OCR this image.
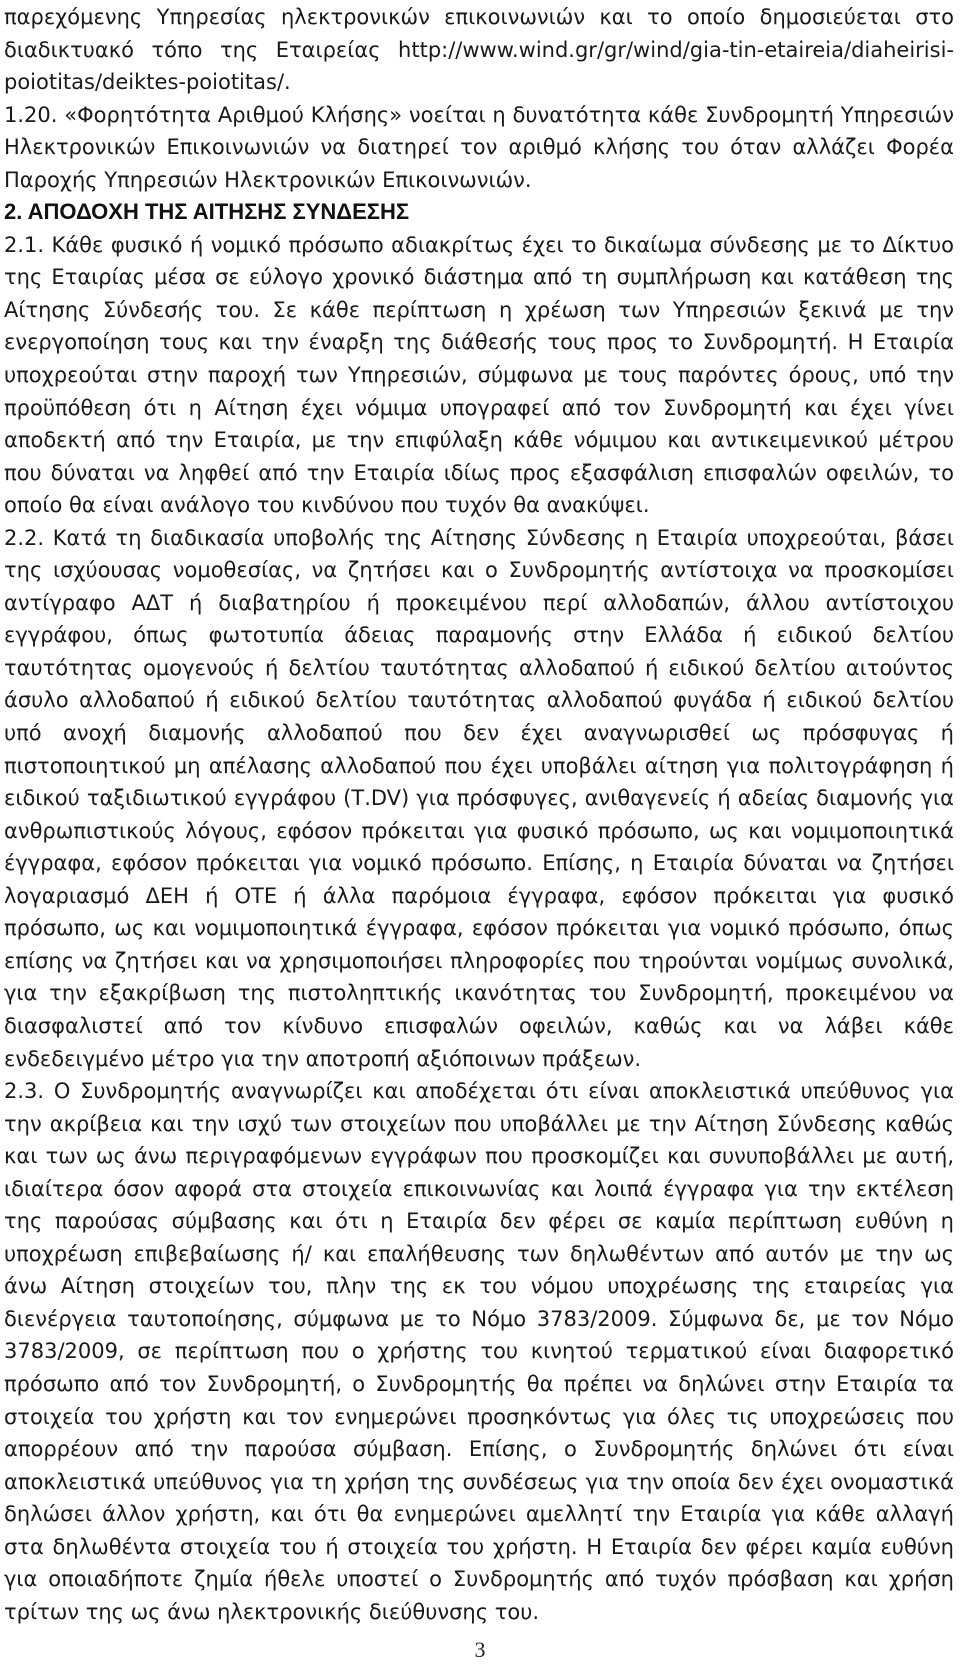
παρεχόμενης Υπηρεσίας ηλεκτρονικών επικοινωνιών και το οποίο δημοσιεύεται στο διαδικτυακό τόπο της Εταιρείας http://www.wind.gr/gr/wind/gia-tin-etaireia/diaheirisi-poiotitas/deiktes-poiotitas/.

1.20. «Φορητότητα Αριθμού Κλήσης» νοείται η δυνατότητα κάθε Συνδρομητή Υπηρεσιών Ηλεκτρονικών Επικοινωνιών να διατηρεί τον αριθμό κλήσης του όταν αλλάζει Φορέα Παροχής Υπηρεσιών Ηλεκτρονικών Επικοινωνιών.

2. ΑΠΟΔΟΧΗ ΤΗΣ ΑΙΤΗΣΗΣ ΣΥΝΔΕΣΗΣ

2.1. Κάθε φυσικό ή νομικό πρόσωπο αδιακρίτως έχει το δικαίωμα σύνδεσης με το Δίκτυο της Εταιρίας μέσα σε εύλογο χρονικό διάστημα από τη συμπλήρωση και κατάθεση της Αίτησης Σύνδεσής του. Σε κάθε περίπτωση η χρέωση των Υπηρεσιών ξεκινά με την ενεργοποίηση τους και την έναρξη της διάθεσής τους προς το Συνδρομητή. Η Εταιρία υποχρεούται στην παροχή των Υπηρεσιών, σύμφωνα με τους παρόντες όρους, υπό την προϋπόθεση ότι η Αίτηση έχει νόμιμα υπογραφεί από τον Συνδρομητή και έχει γίνει αποδεκτή από την Εταιρία, με την επιφύλαξη κάθε νόμιμου και αντικειμενικού μέτρου που δύναται να ληφθεί από την Εταιρία ιδίως προς εξασφάλιση επισφαλών οφειλών, το οποίο θα είναι ανάλογο του κινδύνου που τυχόν θα ανακύψει.

2.2. Κατά τη διαδικασία υποβολής της Αίτησης Σύνδεσης η Εταιρία υποχρεούται, βάσει της ισχύουσας νομοθεσίας, να ζητήσει και ο Συνδρομητής αντίστοιχα να προσκομίσει αντίγραφο ΑΔΤ ή διαβατηρίου ή προκειμένου περί αλλοδαπών, άλλου αντίστοιχου εγγράφου, όπως φωτοτυπία άδειας παραμονής στην Ελλάδα ή ειδικού δελτίου ταυτότητας ομογενούς ή δελτίου ταυτότητας αλλοδαπού ή ειδικού δελτίου αιτούντος άσυλο αλλοδαπού ή ειδικού δελτίου ταυτότητας αλλοδαπού φυγάδα ή ειδικού δελτίου υπό ανοχή διαμονής αλλοδαπού που δεν έχει αναγνωρισθεί ως πρόσφυγας ή πιστοποιητικού μη απέλασης αλλοδαπού που έχει υποβάλει αίτηση για πολιτογράφηση ή ειδικού ταξιδιωτικού εγγράφου (Τ.DV) για πρόσφυγες, ανιθαγενείς ή αδείας διαμονής για ανθρωπιστικούς λόγους, εφόσον πρόκειται για φυσικό πρόσωπο, ως και νομιμοποιητικά έγγραφα, εφόσον πρόκειται για νομικό πρόσωπο. Επίσης, η Εταιρία δύναται να ζητήσει λογαριασμό ΔΕΗ ή ΟΤΕ ή άλλα παρόμοια έγγραφα, εφόσον πρόκειται για φυσικό πρόσωπο, ως και νομιμοποιητικά έγγραφα, εφόσον πρόκειται για νομικό πρόσωπο, όπως επίσης να ζητήσει και να χρησιμοποιήσει πληροφορίες που τηρούνται νομίμως συνολικά, για την εξακρίβωση της πιστοληπτικής ικανότητας του Συνδρομητή, προκειμένου να διασφαλιστεί από τον κίνδυνο επισφαλών οφειλών, καθώς και να λάβει κάθε ενδεδειγμένο μέτρο για την αποτροπή αξιόποινων πράξεων.

2.3. Ο Συνδρομητής αναγνωρίζει και αποδέχεται ότι είναι αποκλειστικά υπεύθυνος για την ακρίβεια και την ισχύ των στοιχείων που υποβάλλει με την Αίτηση Σύνδεσης καθώς και των ως άνω περιγραφόμενων εγγράφων που προσκομίζει και συνυποβάλλει με αυτή, ιδιαίτερα όσον αφορά στα στοιχεία επικοινωνίας και λοιπά έγγραφα για την εκτέλεση της παρούσας σύμβασης και ότι η Εταιρία δεν φέρει σε καμία περίπτωση ευθύνη η υποχρέωση επιβεβαίωσης ή/ και επαλήθευσης των δηλωθέντων από αυτόν με την ως άνω Αίτηση στοιχείων του, πλην της εκ του νόμου υποχρέωσης της εταιρείας για διενέργεια ταυτοποίησης, σύμφωνα με το Νόμο 3783/2009. Σύμφωνα δε, με τον Νόμο 3783/2009, σε περίπτωση που ο χρήστης του κινητού τερματικού είναι διαφορετικό πρόσωπο από τον Συνδρομητή, ο Συνδρομητής θα πρέπει να δηλώνει στην Εταιρία τα στοιχεία του χρήστη και τον ενημερώνει προσηκόντως για όλες τις υποχρεώσεις που απορρέουν από την παρούσα σύμβαση. Επίσης, ο Συνδρομητής δηλώνει ότι είναι αποκλειστικά υπεύθυνος για τη χρήση της συνδέσεως για την οποία δεν έχει ονομαστικά δηλώσει άλλον χρήστη, και ότι θα ενημερώνει αμελλητί την Εταιρία για κάθε αλλαγή στα δηλωθέντα στοιχεία του ή στοιχεία του χρήστη. Η Εταιρία δεν φέρει καμία ευθύνη για οποιαδήποτε ζημία ήθελε υποστεί ο Συνδρομητής από τυχόν πρόσβαση και χρήση τρίτων της ως άνω ηλεκτρονικής διεύθυνσης του.

3
